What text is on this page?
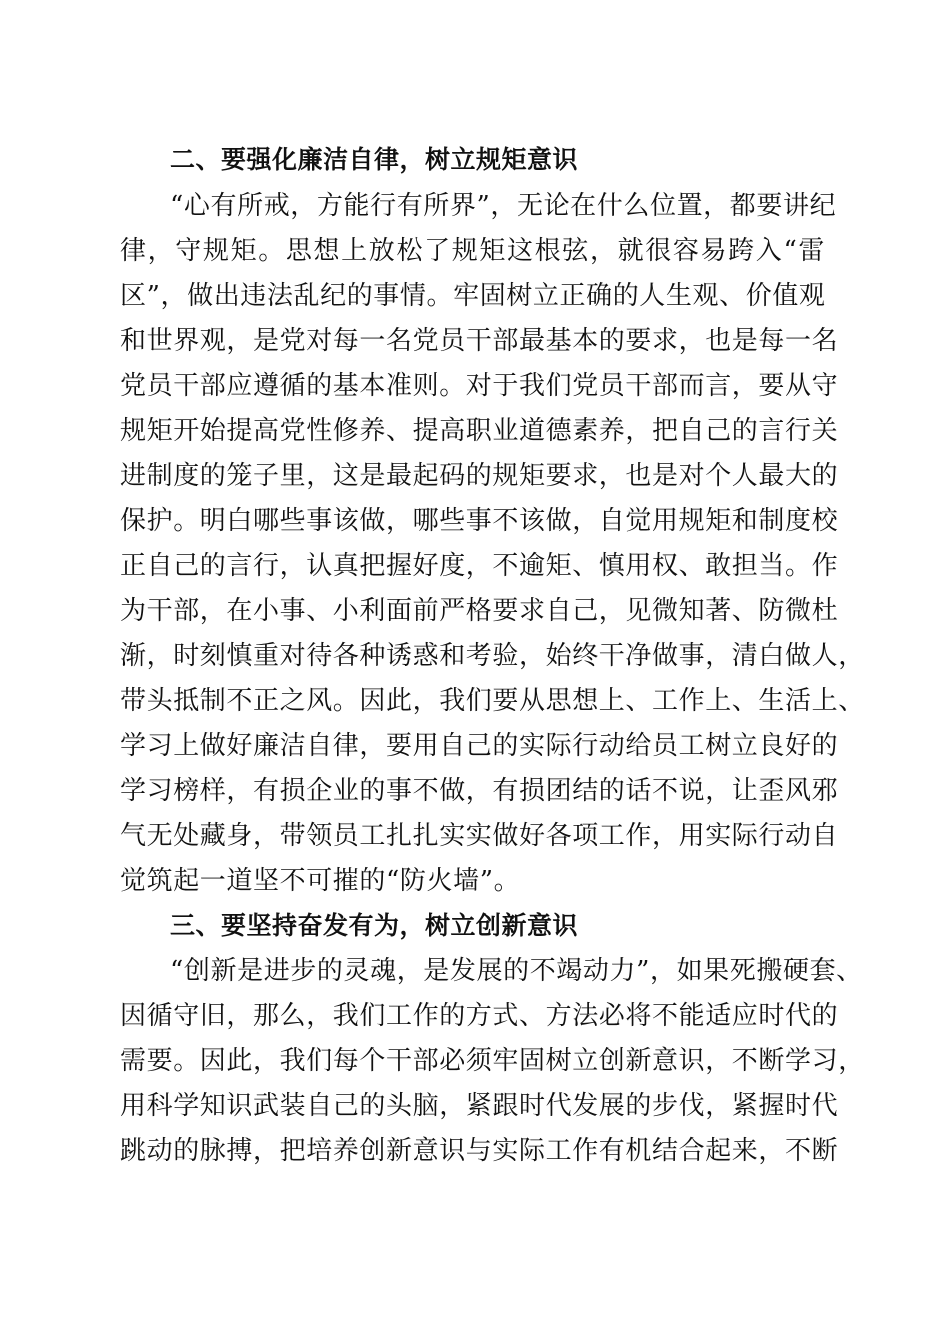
二、要强化廉洁自律，树立规矩意识
“心有所戒，方能行有所界”，无论在什么位置，都要讲纪
律，守规矩。思想上放松了规矩这根弦，就很容易跨入“雷
区”，做出违法乱纪的事情。牢固树立正确的人生观、价值观
和世界观，是党对每一名党员干部最基本的要求，也是每一名
党员干部应遵循的基本准则。对于我们党员干部而言，要从守
规矩开始提高党性修养、提高职业道德素养，把自己的言行关
进制度的笼子里，这是最起码的规矩要求，也是对个人最大的
保护。明白哪些事该做，哪些事不该做，自觉用规矩和制度校
正自己的言行，认真把握好度，不逾矩、慎用权、敢担当。作
为干部，在小事、小利面前严格要求自己，见微知著、防微杜
渐，时刻慎重对待各种诱惑和考验，始终干净做事，清白做人，
带头抵制不正之风。因此，我们要从思想上、工作上、生活上、
学习上做好廉洁自律，要用自己的实际行动给员工树立良好的
学习榜样，有损企业的事不做，有损团结的话不说，让歪风邪
气无处藏身，带领员工扎扎实实做好各项工作，用实际行动自
觉筑起一道坚不可摧的“防火墙”。
三、要坚持奋发有为，树立创新意识
“创新是进步的灵魂，是发展的不竭动力”，如果死搬硬套、
因循守旧，那么，我们工作的方式、方法必将不能适应时代的
需要。因此，我们每个干部必须牢固树立创新意识，不断学习，
用科学知识武装自己的头脑，紧跟时代发展的步伐，紧握时代
跳动的脉搏，把培养创新意识与实际工作有机结合起来，不断
